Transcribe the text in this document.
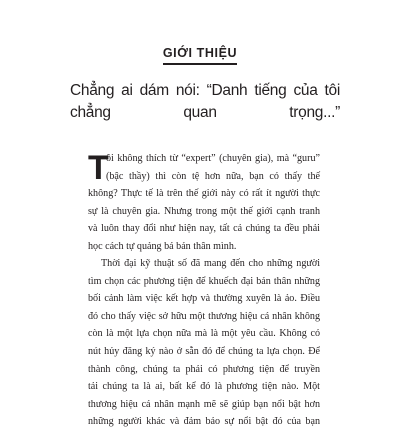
GIỚI THIỆU
Chẳng ai dám nói: “Danh tiếng của tôi
chẳng quan trọng...”
T
ôi không thích từ “expert” (chuyên gia), mà “guru”
(bậc thầy) thì còn tệ hơn nữa, bạn có thấy thế
không? Thực tế là trên thế giới này có rất ít người thực
sự là chuyên gia. Nhưng trong một thế giới cạnh tranh
và luôn thay đổi như hiện nay, tất cả chúng ta đều phải
học cách tự quảng bá bản thân mình.
Thời đại kỹ thuật số đã mang đến cho những người
tìm chọn các phương tiện để khuếch đại bản thân những
bối cảnh làm việc kết hợp và thường xuyên là ảo. Điều
đó cho thấy việc sở hữu một thương hiệu cá nhân không
còn là một lựa chọn nữa mà là một yêu cầu. Không có
nút hủy đăng ký nào ở sẵn đó để chúng ta lựa chọn. Để
thành công, chúng ta phải có phương tiện để truyền
tải chúng ta là ai, bất kể đó là phương tiện nào. Một
thương hiệu cá nhân mạnh mẽ sẽ giúp bạn nổi bật hơn
những người khác và đảm bảo sự nổi bật đó của bạn
